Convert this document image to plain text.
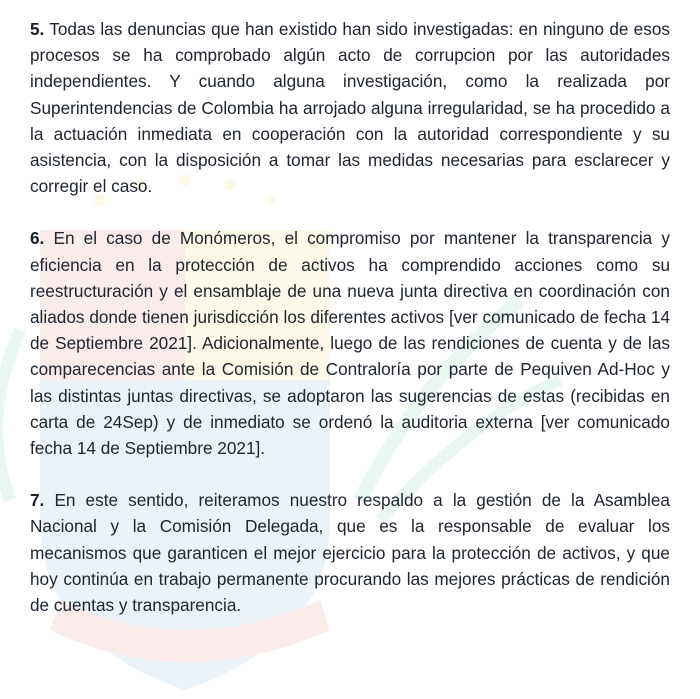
5. Todas las denuncias que han existido han sido investigadas: en ninguno de esos procesos se ha comprobado algún acto de corrupcion por las autoridades independientes. Y cuando alguna investigación, como la realizada por Superintendencias de Colombia ha arrojado alguna irregularidad, se ha procedido a la actuación inmediata en cooperación con la autoridad correspondiente y su asistencia, con la disposición a tomar las medidas necesarias para esclarecer y corregir el caso.

6. En el caso de Monómeros, el compromiso por mantener la transparencia y eficiencia en la protección de activos ha comprendido acciones como su reestructuración y el ensamblaje de una nueva junta directiva en coordinación con aliados donde tienen jurisdicción los diferentes activos [ver comunicado de fecha 14 de Septiembre 2021]. Adicionalmente, luego de las rendiciones de cuenta y de las comparecencias ante la Comisión de Contraloría por parte de Pequiven Ad-Hoc y las distintas juntas directivas, se adoptaron las sugerencias de estas (recibidas en carta de 24Sep) y de inmediato se ordenó la auditoria externa [ver comunicado fecha 14 de Septiembre 2021].

7. En este sentido, reiteramos nuestro respaldo a la gestión de la Asamblea Nacional y la Comisión Delegada, que es la responsable de evaluar los mecanismos que garanticen el mejor ejercicio para la protección de activos, y que hoy continúa en trabajo permanente procurando las mejores prácticas de rendición de cuentas y transparencia.
